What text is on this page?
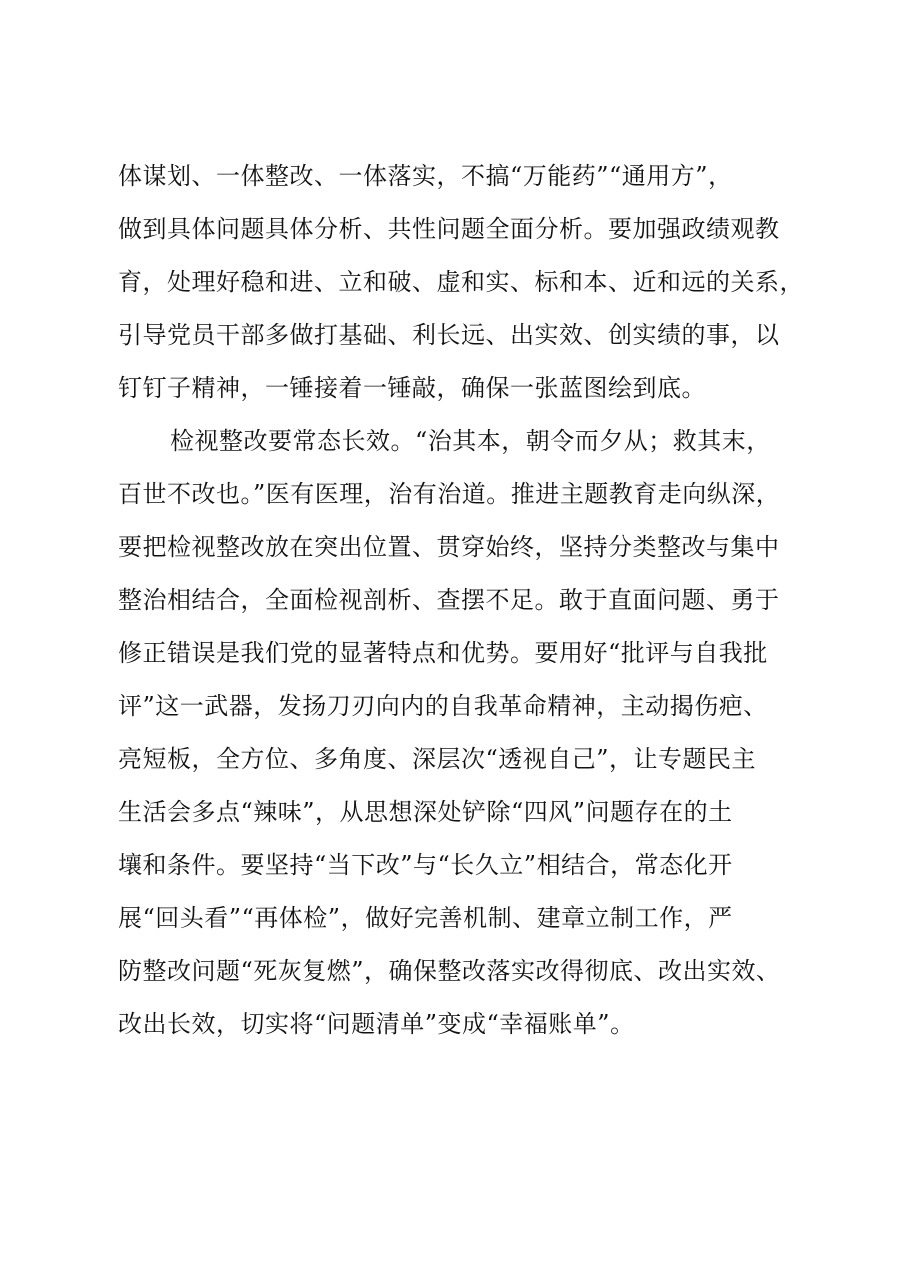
体谋划、一体整改、一体落实，不搞“万能药”“通用方”，
做到具体问题具体分析、共性问题全面分析。要加强政绩观教
育，处理好稳和进、立和破、虚和实、标和本、近和远的关系，
引导党员干部多做打基础、利长远、出实效、创实绩的事，以
钉钉子精神，一锤接着一锤敲，确保一张蓝图绘到底。
检视整改要常态长效。“治其本，朝令而夕从；救其末，
百世不改也。”医有医理，治有治道。推进主题教育走向纵深，
要把检视整改放在突出位置、贯穿始终，坚持分类整改与集中
整治相结合，全面检视剖析、查摆不足。敢于直面问题、勇于
修正错误是我们党的显著特点和优势。要用好“批评与自我批
评”这一武器，发扬刀刃向内的自我革命精神，主动揭伤疤、
亮短板，全方位、多角度、深层次“透视自己”，让专题民主
生活会多点“辣味”，从思想深处铲除“四风”问题存在的土
壤和条件。要坚持“当下改”与“长久立”相结合，常态化开
展“回头看”“再体检”，做好完善机制、建章立制工作，严
防整改问题“死灰复燃”，确保整改落实改得彻底、改出实效、
改出长效，切实将“问题清单”变成“幸福账单”。
